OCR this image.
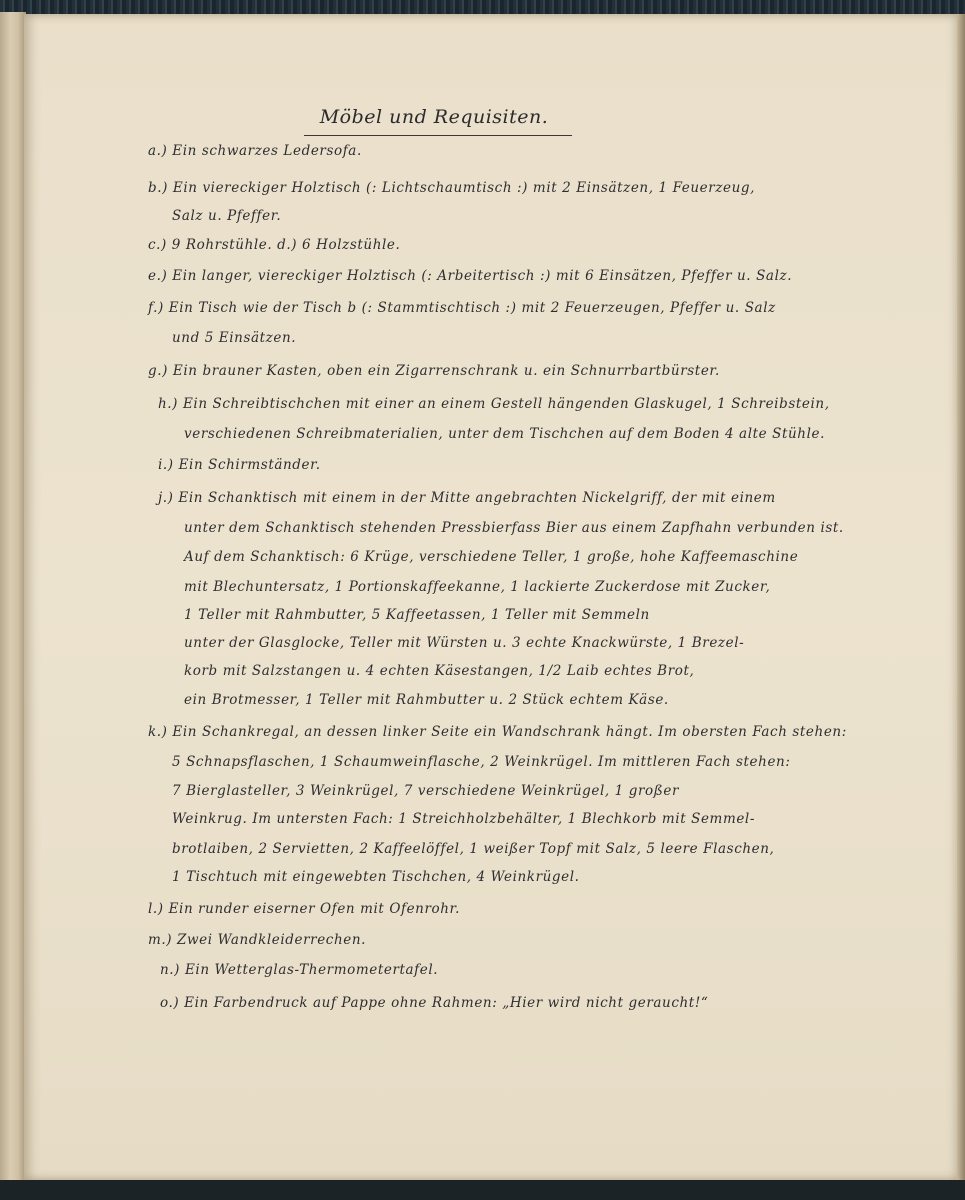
Möbel und Requisiten.
a.) Ein schwarzes Ledersofa.
b.) Ein viereckiger Holztisch (: Lichtschaumtisch :) mit 2 Einsätzen, 1 Feuerzeug,
Salz u. Pfeffer.
c.) 9 Rohrstühle. d.) 6 Holzstühle.
e.) Ein langer, viereckiger Holztisch (: Arbeitertisch :) mit 6 Einsätzen, Pfeffer u. Salz.
f.) Ein Tisch wie der Tisch b (: Stammtischtisch :) mit 2 Feuerzeugen, Pfeffer u. Salz
und 5 Einsätzen.
g.) Ein brauner Kasten, oben ein Zigarrenschrank u. ein Schnurrbartbürster.
h.) Ein Schreibtischchen mit einer an einem Gestell hängenden Glaskugel, 1 Schreibstein,
verschiedenen Schreibmaterialien, unter dem Tischchen auf dem Boden 4 alte Stühle.
i.) Ein Schirmständer.
j.) Ein Schanktisch mit einem in der Mitte angebrachten Nickelgriff, der mit einem
unter dem Schanktisch stehenden Pressbierfass Bier aus einem Zapfhahn verbunden ist.
Auf dem Schanktisch: 6 Krüge, verschiedene Teller, 1 große, hohe Kaffeemaschine
mit Blechuntersatz, 1 Portionskaffeekanne, 1 lackierte Zuckerdose mit Zucker,
1 Teller mit Rahmbutter, 5 Kaffeetassen, 1 Teller mit Semmeln
unter der Glasglocke, Teller mit Würsten u. 3 echte Knackwürste, 1 Brezel-
korb mit Salzstangen u. 4 echten Käsestangen, 1/2 Laib echtes Brot,
ein Brotmesser, 1 Teller mit Rahmbutter u. 2 Stück echtem Käse.
k.) Ein Schankregal, an dessen linker Seite ein Wandschrank hängt. Im obersten Fach stehen:
5 Schnapsflaschen, 1 Schaumweinflasche, 2 Weinkrügel. Im mittleren Fach stehen:
7 Bierglasteller, 3 Weinkrügel, 7 verschiedene Weinkrügel, 1 großer
Weinkrug. Im untersten Fach: 1 Streichholzbehälter, 1 Blechkorb mit Semmel-
brotlaiben, 2 Servietten, 2 Kaffeelöffel, 1 weißer Topf mit Salz, 5 leere Flaschen,
1 Tischtuch mit eingewebten Tischchen, 4 Weinkrügel.
l.) Ein runder eiserner Ofen mit Ofenrohr.
m.) Zwei Wandkleiderrechen.
n.) Ein Wetterglas-Thermometertafel.
o.) Ein Farbendruck auf Pappe ohne Rahmen: „Hier wird nicht geraucht!“
